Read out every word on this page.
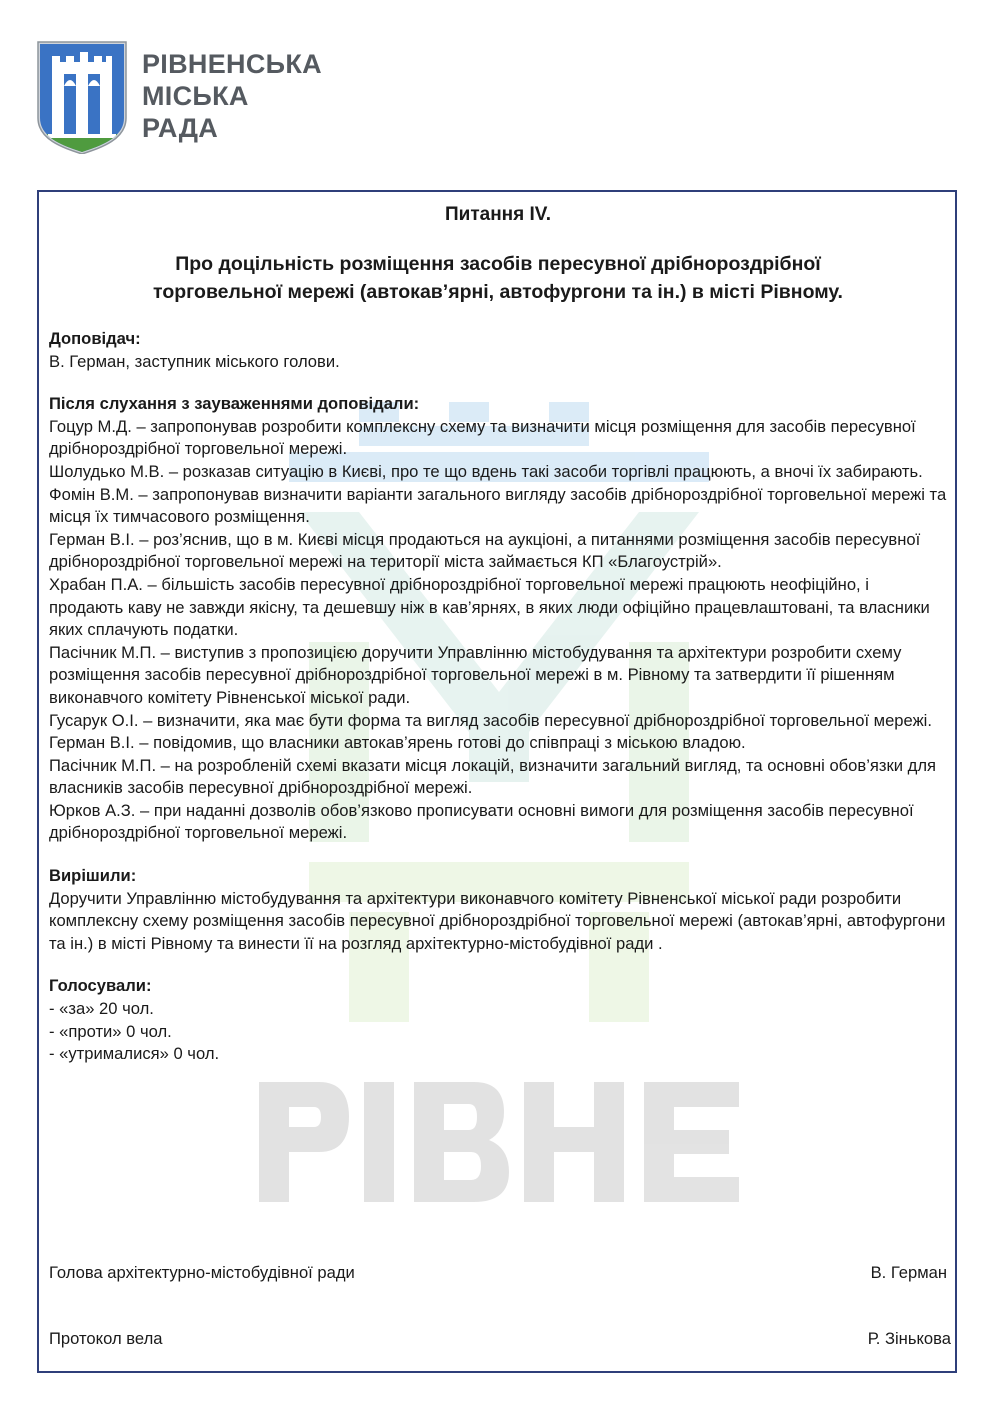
РІВНЕНСЬКА
МІСЬКА
РАДА
Питання IV.
Про доцільність розміщення засобів пересувної дрібнороздрібної
торговельної мережі (автокав’ярні, автофургони та ін.) в місті Рівному.
Доповідач:

В. Герман, заступник міського голови.

Після слухання з зауваженнями доповідали:

Гоцур М.Д. – запропонував розробити комплексну схему та визначити місця розміщення для засобів пересувної дрібнороздрібної торговельної мережі.

Шолудько М.В. – розказав ситуацію в Києві, про те що вдень такі засоби торгівлі працюють, а вночі їх забирають.

Фомін В.М. – запропонував визначити варіанти загального вигляду засобів дрібнороздрібної торговельної мережі та місця їх тимчасового розміщення.

Герман В.І. – роз’яснив, що в м. Києві місця продаються на аукціоні, а питаннями розміщення засобів пересувної дрібнороздрібної торговельної мережі на території міста займається КП «Благоустрій».

Храбан П.А. – більшість засобів пересувної дрібнороздрібної торговельної мережі працюють неофіційно, і продають каву не завжди якісну, та дешевшу ніж в кав’ярнях, в яких люди офіційно працевлаштовані, та власники яких сплачують податки.

Пасічник М.П. – виступив з пропозицією доручити Управлінню містобудування та архітектури розробити схему розміщення засобів пересувної дрібнороздрібної торговельної мережі в м. Рівному та затвердити її рішенням виконавчого комітету Рівненської міської ради.

Гусарук О.І. – визначити, яка має бути форма та вигляд засобів пересувної дрібнороздрібної торговельної мережі.

Герман В.І. – повідомив, що власники автокав’ярень готові до співпраці з міською владою.

Пасічник М.П. – на розробленій схемі вказати місця локацій, визначити загальний вигляд, та основні обов’язки для власників засобів пересувної дрібнороздрібної мережі.

Юрков А.З. – при наданні дозволів обов’язково прописувати основні вимоги для розміщення засобів пересувної дрібнороздрібної торговельної мережі.

Вирішили:

Доручити Управлінню містобудування та архітектури виконавчого комітету Рівненської міської ради розробити комплексну схему розміщення засобів пересувної дрібнороздрібної торговельної мережі (автокав’ярні, автофургони та ін.) в місті Рівному та винести її на розгляд архітектурно-містобудівної ради .

Голосували:

- «за» 20 чол.

- «проти» 0 чол.

- «утрималися» 0 чол.

Голова архітектурно-містобудівної ради	В. Герман
Протокол вела	Р. Зінькова
